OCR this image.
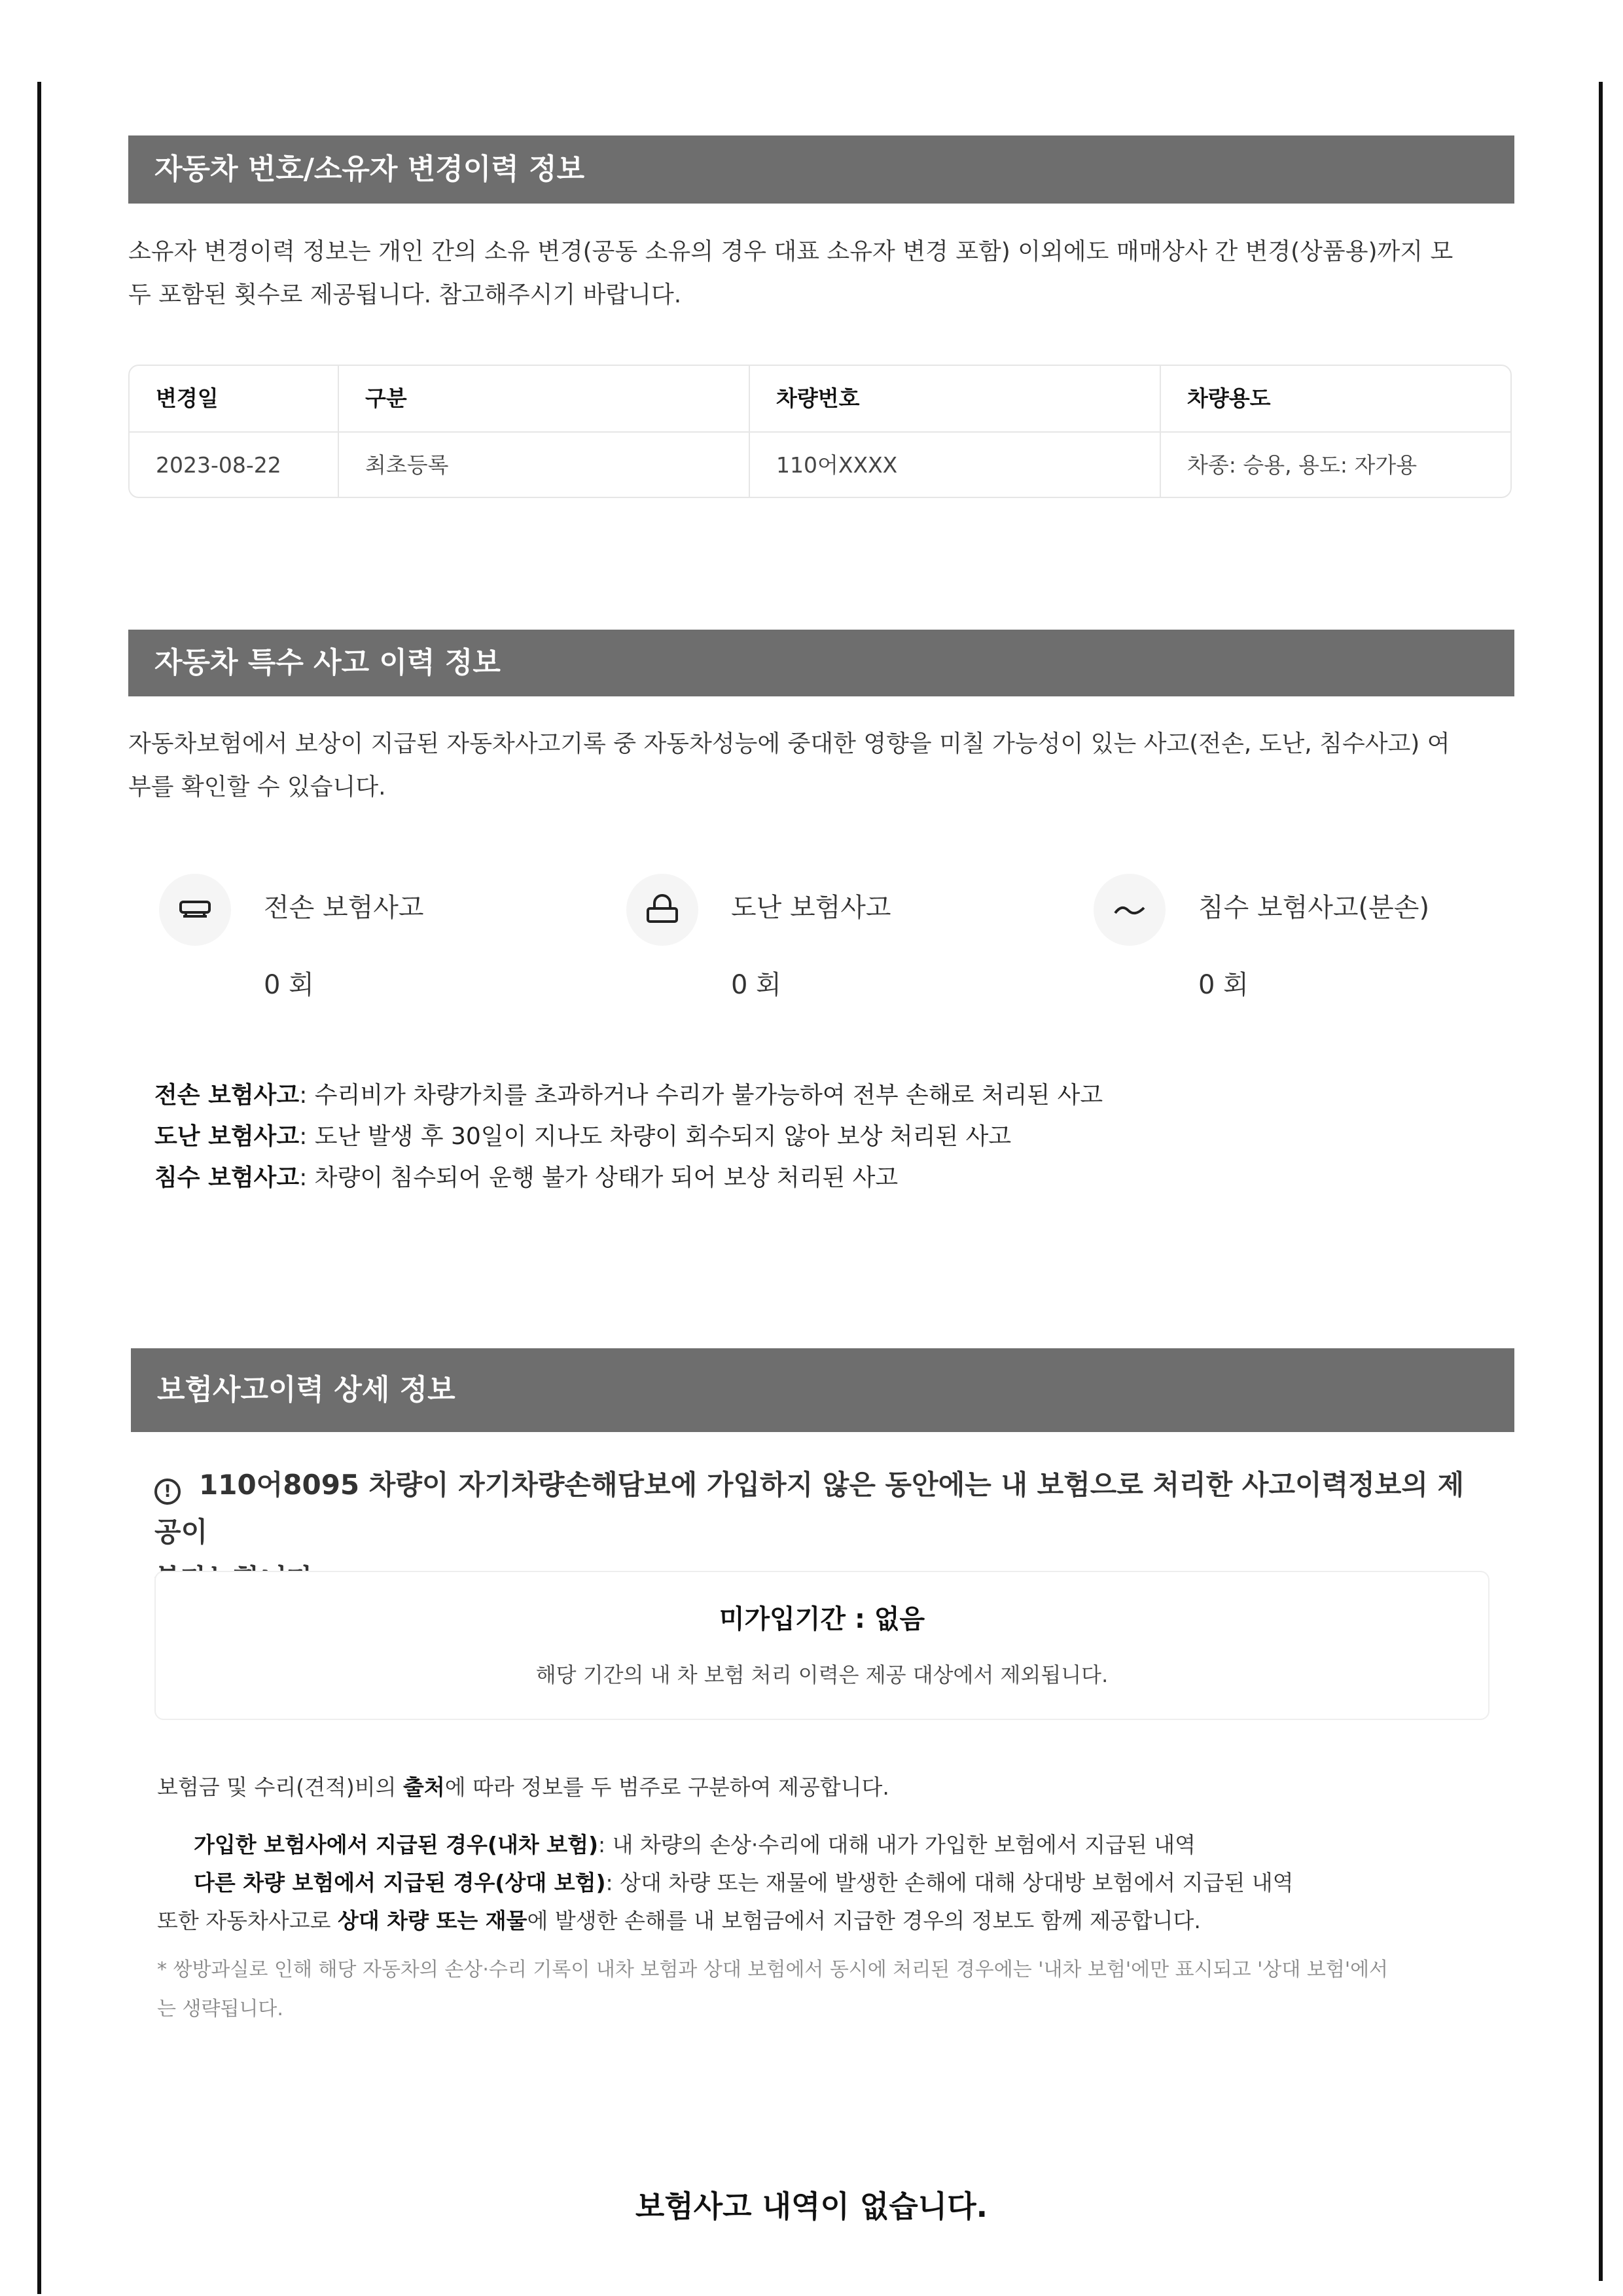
자동차 번호/소유자 변경이력 정보

소유자 변경이력 정보는 개인 간의 소유 변경(공동 소유의 경우 대표 소유자 변경 포함) 이외에도 매매상사 간 변경(상품용)까지 모
두 포함된 횟수로 제공됩니다. 참고해주시기 바랍니다.

변경일	구분	차량번호	차량용도
2023-08-22	최초등록	110어XXXX	차종: 승용, 용도: 자가용
자동차 특수 사고 이력 정보

자동차보험에서 보상이 지급된 자동차사고기록 중 자동차성능에 중대한 영향을 미칠 가능성이 있는 사고(전손, 도난, 침수사고) 여
부를 확인할 수 있습니다.

전손 보험사고
0 회
도난 보험사고
0 회
침수 보험사고(분손)
0 회
전손 보험사고: 수리비가 차량가치를 초과하거나 수리가 불가능하여 전부 손해로 처리된 사고
도난 보험사고: 도난 발생 후 30일이 지나도 차량이 회수되지 않아 보상 처리된 사고
침수 보험사고: 차량이 침수되어 운행 불가 상태가 되어 보상 처리된 사고
보험사고이력 상세 정보
! 110어8095 차량이 자기차량손해담보에 가입하지 않은 동안에는 내 보험으로 처리한 사고이력정보의 제공이

미가입기간 : 없음
해당 기간의 내 차 보험 처리 이력은 제공 대상에서 제외됩니다.
보험금 및 수리(견적)비의 출처에 따라 정보를 두 범주로 구분하여 제공합니다.
가입한 보험사에서 지급된 경우(내차 보험): 내 차량의 손상·수리에 대해 내가 가입한 보험에서 지급된 내역
다른 차량 보험에서 지급된 경우(상대 보험): 상대 차량 또는 재물에 발생한 손해에 대해 상대방 보험에서 지급된 내역
또한 자동차사고로 상대 차량 또는 재물에 발생한 손해를 내 보험금에서 지급한 경우의 정보도 함께 제공합니다.
* 쌍방과실로 인해 해당 자동차의 손상·수리 기록이 내차 보험과 상대 보험에서 동시에 처리된 경우에는 '내차 보험'에만 표시되고 '상대 보험'에서
는 생략됩니다.
보험사고 내역이 없습니다.
